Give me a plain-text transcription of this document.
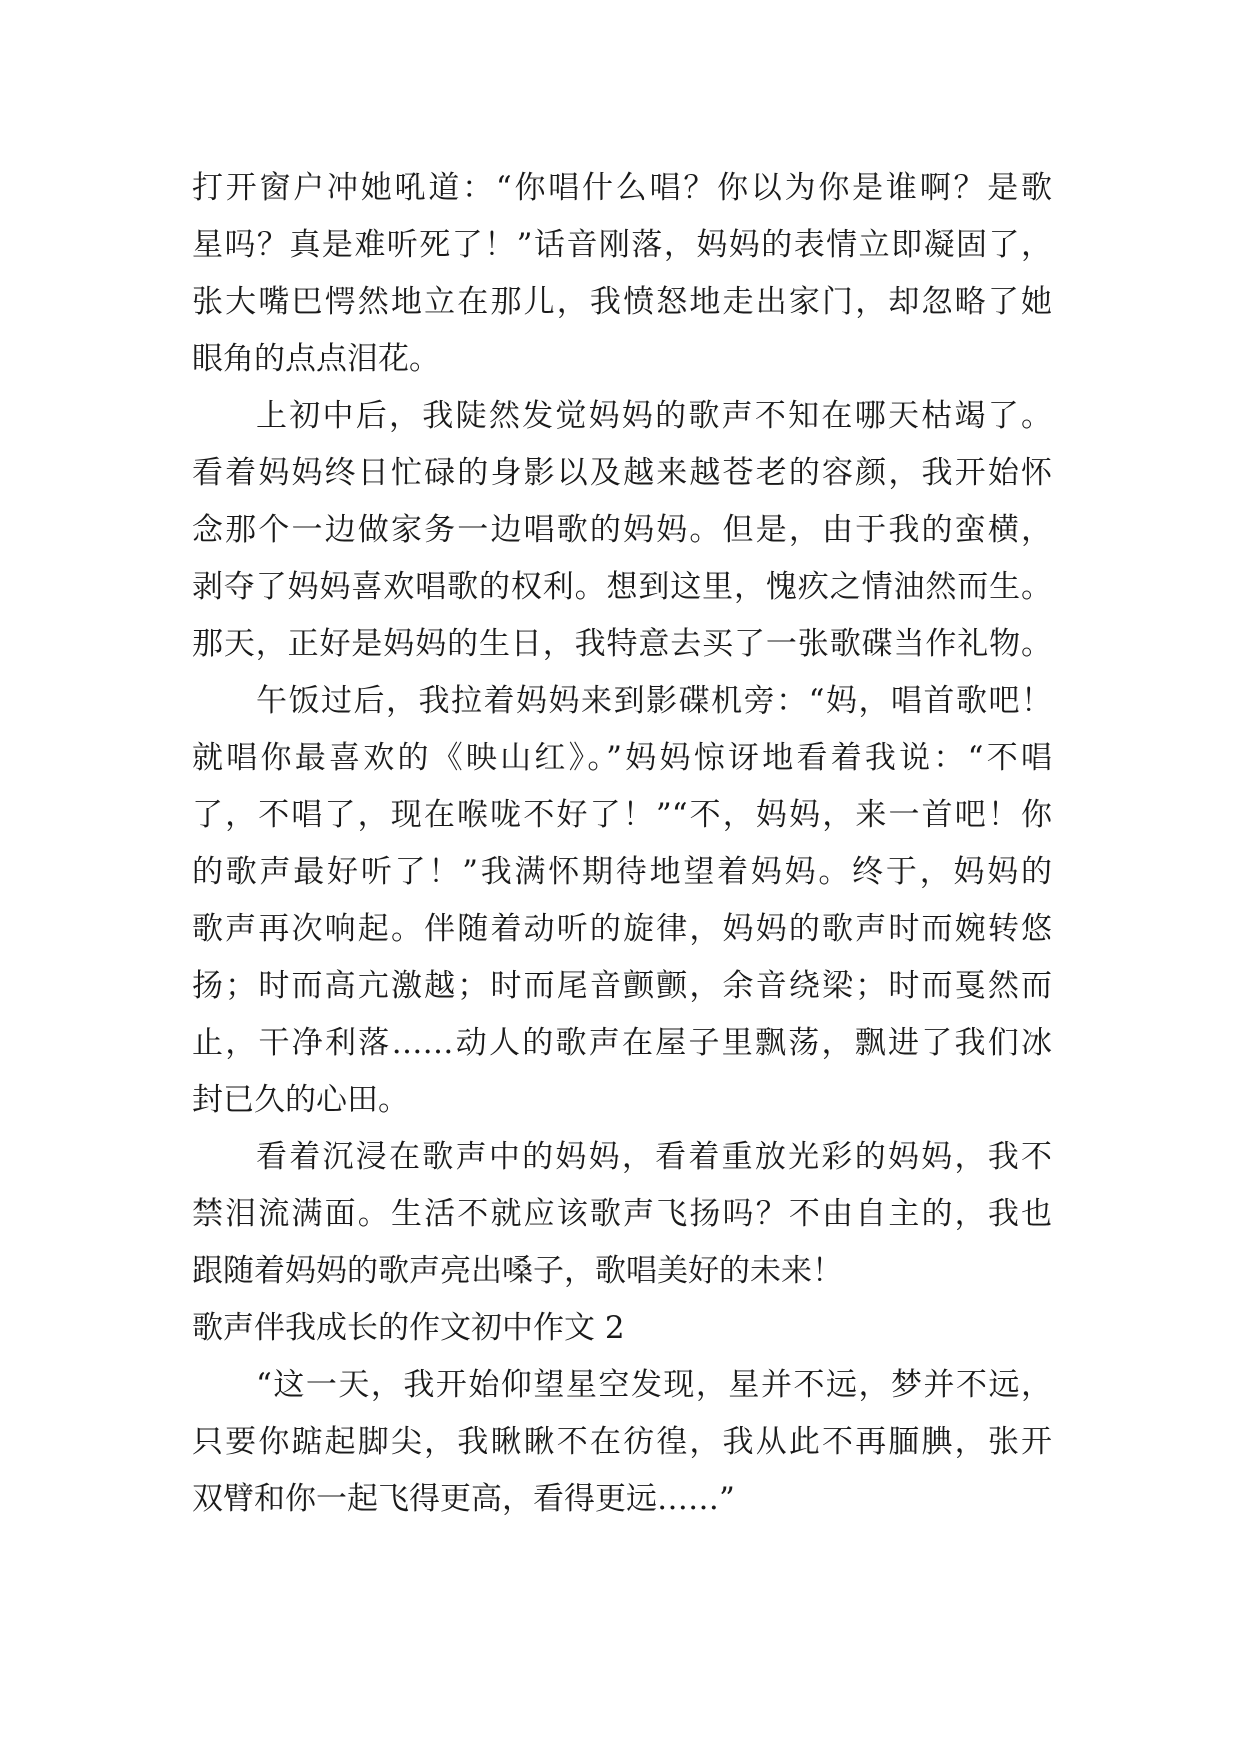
打开窗户冲她吼道：“你唱什么唱？你以为你是谁啊？是歌
星吗？真是难听死了！”话音刚落，妈妈的表情立即凝固了，
张大嘴巴愕然地立在那儿，我愤怒地走出家门，却忽略了她
眼角的点点泪花。
上初中后，我陡然发觉妈妈的歌声不知在哪天枯竭了。
看着妈妈终日忙碌的身影以及越来越苍老的容颜，我开始怀
念那个一边做家务一边唱歌的妈妈。但是，由于我的蛮横，
剥夺了妈妈喜欢唱歌的权利。想到这里，愧疚之情油然而生。
那天，正好是妈妈的生日，我特意去买了一张歌碟当作礼物。
午饭过后，我拉着妈妈来到影碟机旁：“妈，唱首歌吧！
就唱你最喜欢的《映山红》。”妈妈惊讶地看着我说：“不唱
了，不唱了，现在喉咙不好了！”“不，妈妈，来一首吧！你
的歌声最好听了！”我满怀期待地望着妈妈。终于，妈妈的
歌声再次响起。伴随着动听的旋律，妈妈的歌声时而婉转悠
扬；时而高亢激越；时而尾音颤颤，余音绕梁；时而戛然而
止，干净利落……动人的歌声在屋子里飘荡，飘进了我们冰
封已久的心田。
看着沉浸在歌声中的妈妈，看着重放光彩的妈妈，我不
禁泪流满面。生活不就应该歌声飞扬吗？不由自主的，我也
跟随着妈妈的歌声亮出嗓子，歌唱美好的未来！
歌声伴我成长的作文初中作文 2
“这一天，我开始仰望星空发现，星并不远，梦并不远，
只要你踮起脚尖，我瞅瞅不在彷徨，我从此不再腼腆，张开
双臂和你一起飞得更高，看得更远……”
